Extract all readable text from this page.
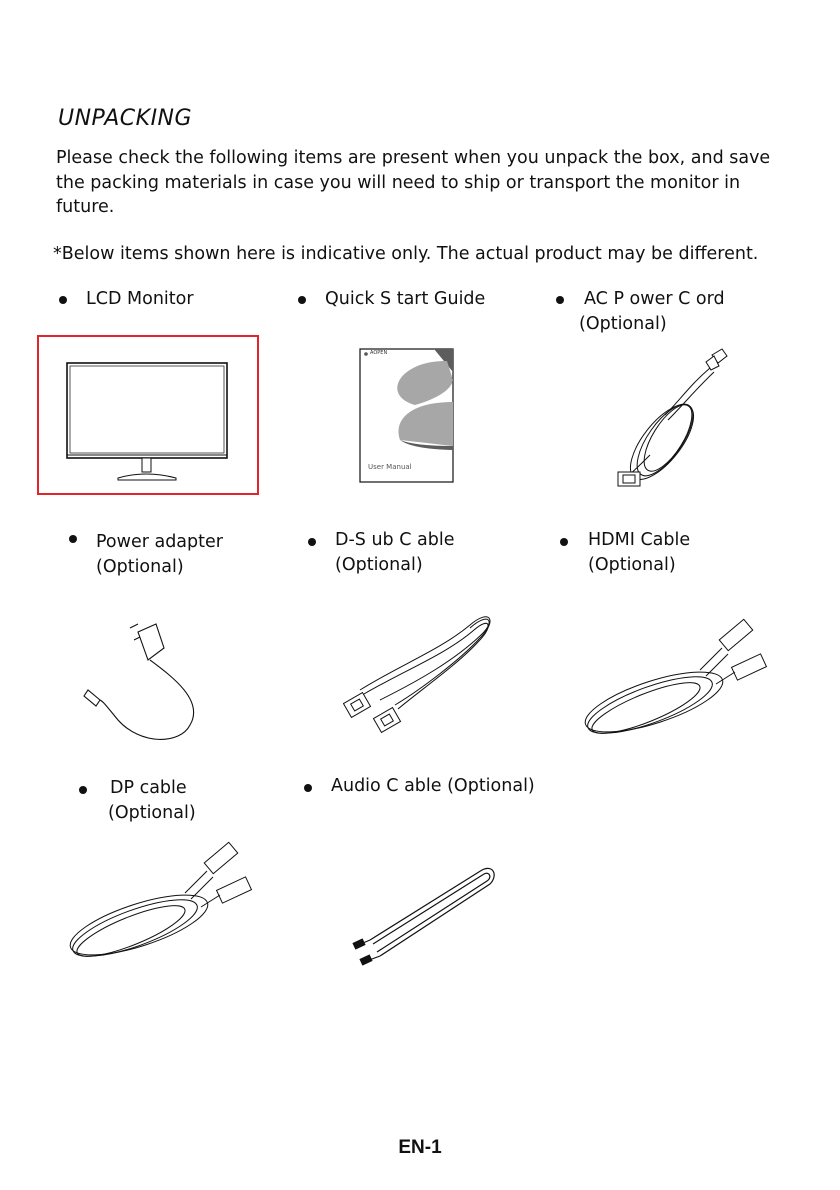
UNPACKING
Please check the following items are present when you unpack the box, and save the packing materials in case you will need to ship or transport the monitor in future.
*Below items shown here is indicative only. The actual product may be different.
LCD Monitor	Quick S tart Guide
AOPEN
User Manual
AC P ower C ord
(Optional)
Power adapter
(Optional)
D-S ub C able
(Optional)
HDMI Cable
(Optional)
DP cable
(Optional)
Audio C able (Optional)
EN-1
